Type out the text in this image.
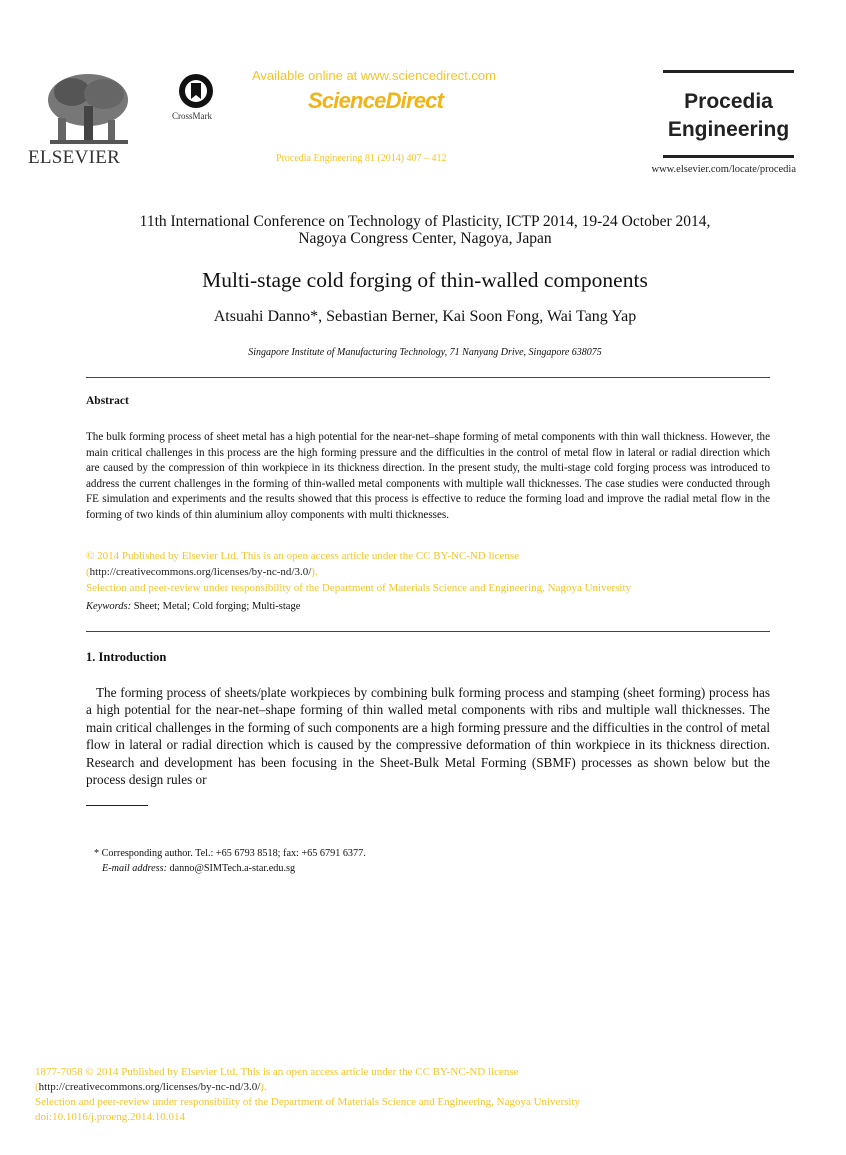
ELSEVIER
CrossMark
Available online at www.sciencedirect.com
ScienceDirect
Procedia Engineering 81 (2014) 407 – 412
Procedia
Engineering
www.elsevier.com/locate/procedia
11th International Conference on Technology of Plasticity, ICTP 2014, 19-24 October 2014,
Nagoya Congress Center, Nagoya, Japan
Multi-stage cold forging of thin-walled components
Atsuahi Danno*, Sebastian Berner, Kai Soon Fong, Wai Tang Yap
Singapore Institute of Manufacturing Technology, 71 Nanyang Drive, Singapore 638075
Abstract
The bulk forming process of sheet metal has a high potential for the near-net–shape forming of metal components with thin wall thickness. However, the main critical challenges in this process are the high forming pressure and the difficulties in the control of metal flow in lateral or radial direction which are caused by the compression of thin workpiece in its thickness direction. In the present study, the multi-stage cold forging process was introduced to address the current challenges in the forming of thin-walled metal components with multiple wall thicknesses. The case studies were conducted through FE simulation and experiments and the results showed that this process is effective to reduce the forming load and improve the radial metal flow in the forming of two kinds of thin aluminium alloy components with multi thicknesses.
© 2014 Published by Elsevier Ltd. This is an open access article under the CC BY-NC-ND license
(http://creativecommons.org/licenses/by-nc-nd/3.0/).
Selection and peer-review under responsibility of the Department of Materials Science and Engineering, Nagoya University
Keywords: Sheet; Metal; Cold forging; Multi-stage
1. Introduction
The forming process of sheets/plate workpieces by combining bulk forming process and stamping (sheet forming) process has a high potential for the near-net–shape forming of thin walled metal components with ribs and multiple wall thicknesses. The main critical challenges in the forming of such components are a high forming pressure and the difficulties in the control of metal flow in lateral or radial direction which is caused by the compressive deformation of thin workpiece in its thickness direction. Research and development has been focusing in the Sheet-Bulk Metal Forming (SBMF) processes as shown below but the process design rules or
* Corresponding author. Tel.: +65 6793 8518; fax: +65 6791 6377.
E-mail address: danno@SIMTech.a-star.edu.sg
1877-7058 © 2014 Published by Elsevier Ltd. This is an open access article under the CC BY-NC-ND license
(http://creativecommons.org/licenses/by-nc-nd/3.0/).
Selection and peer-review under responsibility of the Department of Materials Science and Engineering, Nagoya University
doi:10.1016/j.proeng.2014.10.014
